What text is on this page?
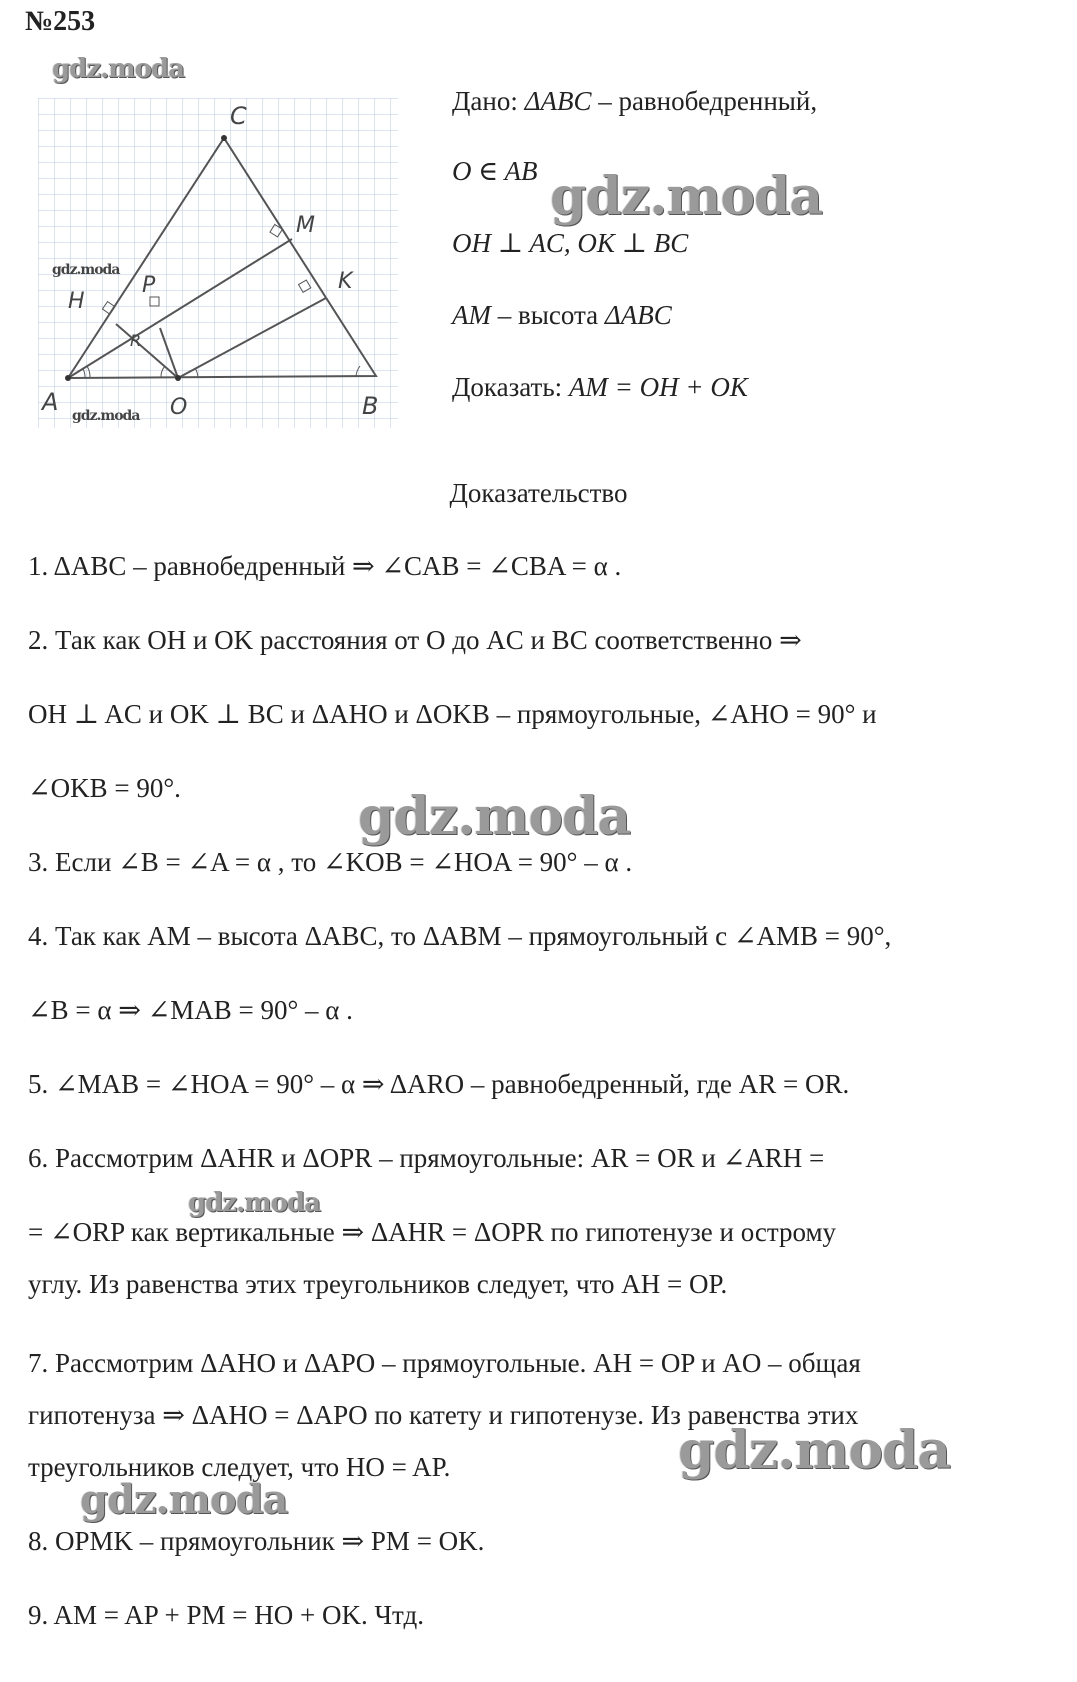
№253
C
A	O	B
H
P
R
M
K
gdz.moda
gdz.moda
gdz.moda
Дано: ΔABC – равнобедренный,
O ∈ AB
OH ⊥ AC, OK ⊥ BC
AM – высота ΔABC
Доказать: AM = OH + OK
gdz.moda
Доказательство
1. ΔABC – равнобедренный ⇒ ∠CAB = ∠CBA = α .
2. Так как OH и OK расстояния от O до AC и BC соответственно ⇒
OH ⊥ AC и OK ⊥ BC и ΔAHO и ΔOKB – прямоугольные, ∠AHO = 90° и
∠OKB = 90°.
3. Если ∠B = ∠A = α , то ∠KOB = ∠HOA = 90° – α .
4. Так как AM – высота ΔABC, то ΔABM – прямоугольный с ∠AMB = 90°,
∠B = α ⇒ ∠MAB = 90° – α .
5. ∠MAB = ∠HOA = 90° – α ⇒ ΔARO – равнобедренный, где AR = OR.
6. Рассмотрим ΔAHR и ΔOPR – прямоугольные: AR = OR и ∠ARH =
= ∠ORP как вертикальные ⇒ ΔAHR = ΔOPR по гипотенузе и острому
углу. Из равенства этих треугольников следует, что AH = OP.
7. Рассмотрим ΔAHO и ΔAPO – прямоугольные. AH = OP и AO – общая
гипотенуза ⇒ ΔAHO = ΔAPO по катету и гипотенузе. Из равенства этих
треугольников следует, что HO = AP.
8. OPMK – прямоугольник ⇒ PM = OK.
9. AM = AP + PM = HO + OK. Чтд.
gdz.moda
gdz.moda
gdz.moda
gdz.moda
